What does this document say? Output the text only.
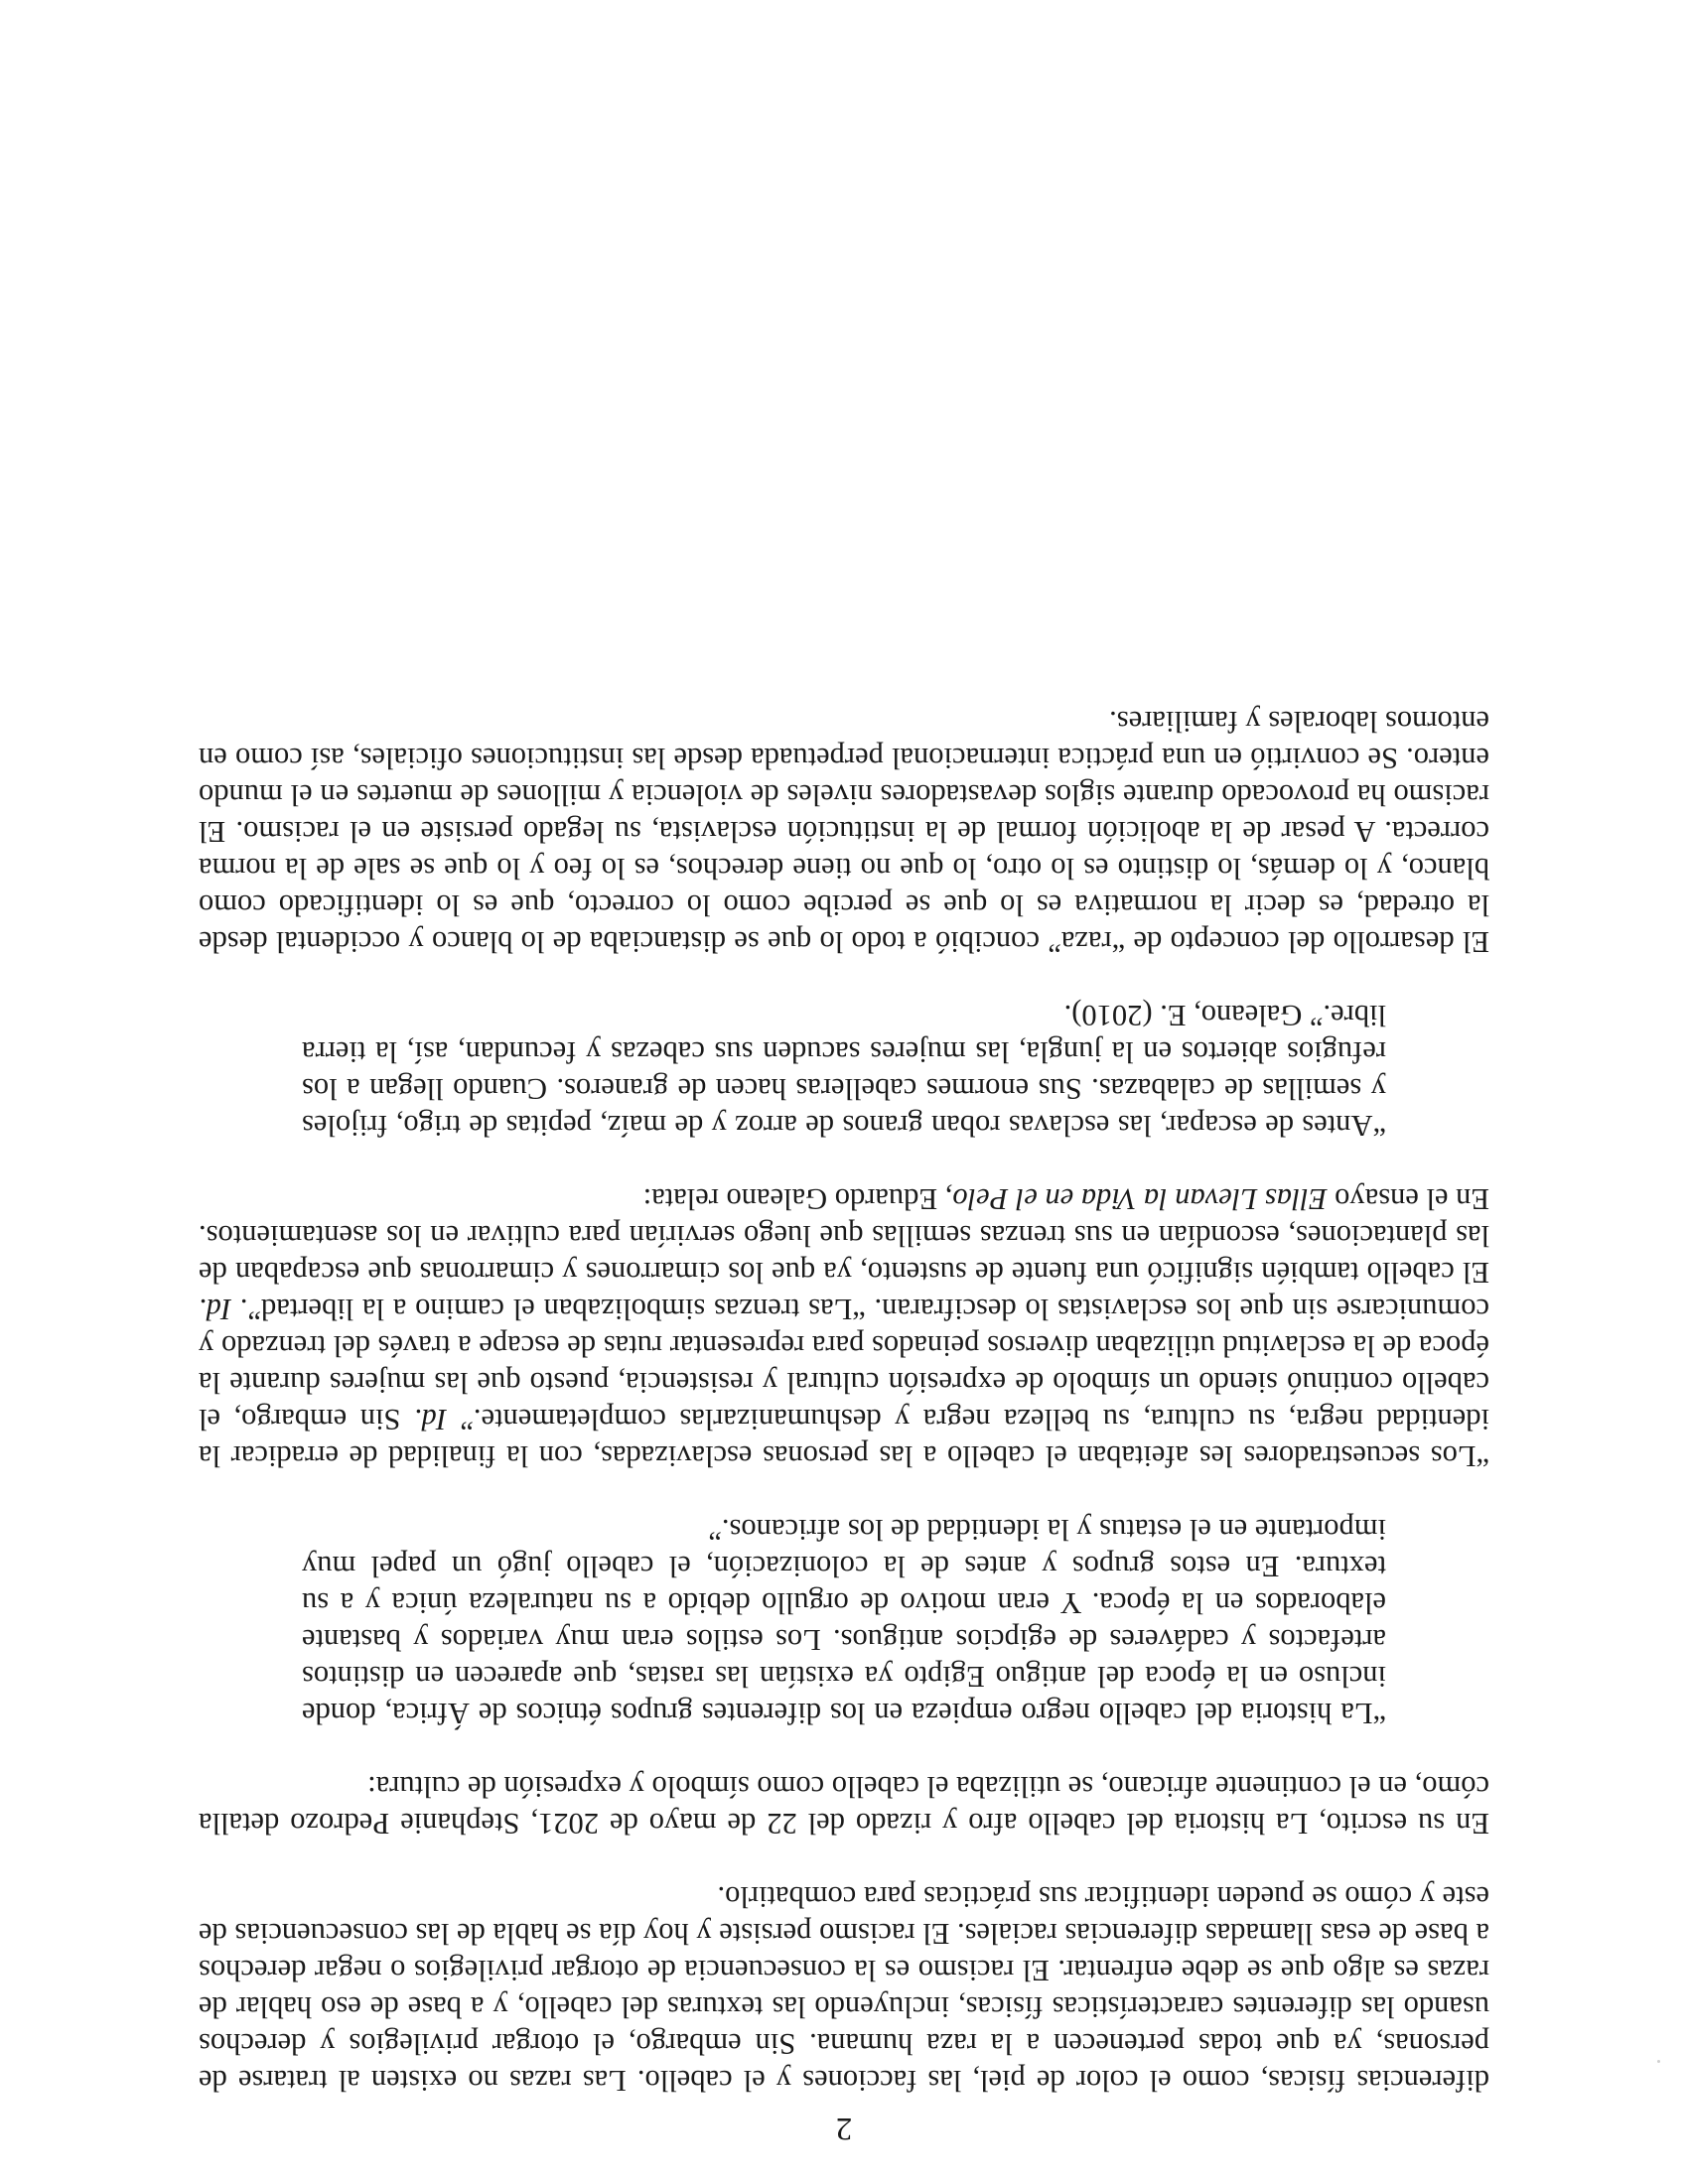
2

diferencias físicas, como el color de piel, las facciones y el cabello. Las razas no existen al tratarse de personas, ya que todas pertenecen a la raza humana. Sin embargo, el otorgar privilegios y derechos usando las diferentes características físicas, incluyendo las texturas del cabello, y a base de eso hablar de razas es algo que se debe enfrentar. El racismo es la consecuencia de otorgar privilegios o negar derechos a base de esas llamadas diferencias raciales. El racismo persiste y hoy día se habla de las consecuencias de este y cómo se pueden identificar sus prácticas para combatirlo.

En su escrito, La historia del cabello afro y rizado del 22 de mayo de 2021, Stephanie Pedrozo detalla cómo, en el continente africano, se utilizaba el cabello como símbolo y expresión de cultura:

“La historia del cabello negro empieza en los diferentes grupos étnicos de África, donde incluso en la época del antiguo Egipto ya existían las rastas, que aparecen en distintos artefactos y cadáveres de egipcios antiguos. Los estilos eran muy variados y bastante elaborados en la época. Y eran motivo de orgullo debido a su naturaleza única y a su textura. En estos grupos y antes de la colonización, el cabello jugó un papel muy importante en el estatus y la identidad de los africanos.”

“Los secuestradores les afeitaban el cabello a las personas esclavizadas, con la finalidad de erradicar la identidad negra, su cultura, su belleza negra y deshumanizarlas completamente.” Id. Sin embargo, el cabello continuó siendo un símbolo de expresión cultural y resistencia, puesto que las mujeres durante la época de la esclavitud utilizaban diversos peinados para representar rutas de escape a través del trenzado y comunicarse sin que los esclavistas lo descifraran. “Las trenzas simbolizaban el camino a la libertad”. Id. El cabello también significó una fuente de sustento, ya que los cimarrones y cimarronas que escapaban de las plantaciones, escondían en sus trenzas semillas que luego servirían para cultivar en los asentamientos. En el ensayo Ellas Llevan la Vida en el Pelo, Eduardo Galeano relata:

“Antes de escapar, las esclavas roban granos de arroz y de maíz, pepitas de trigo, frijoles y semillas de calabazas. Sus enormes cabelleras hacen de graneros. Cuando llegan a los refugios abiertos en la jungla, las mujeres sacuden sus cabezas y fecundan, así, la tierra libre.” Galeano, E. (2010).

El desarrollo del concepto de “raza” concibió a todo lo que se distanciaba de lo blanco y occidental desde la otredad, es decir la normativa es lo que se percibe como lo correcto, que es lo identificado como blanco, y lo demás, lo distinto es lo otro, lo que no tiene derechos, es lo feo y lo que se sale de la norma correcta. A pesar de la abolición formal de la institución esclavista, su legado persiste en el racismo. El racismo ha provocado durante siglos devastadores niveles de violencia y millones de muertes en el mundo entero. Se convirtió en una práctica internacional perpetuada desde las instituciones oficiales, así como en entornos laborales y familiares.
